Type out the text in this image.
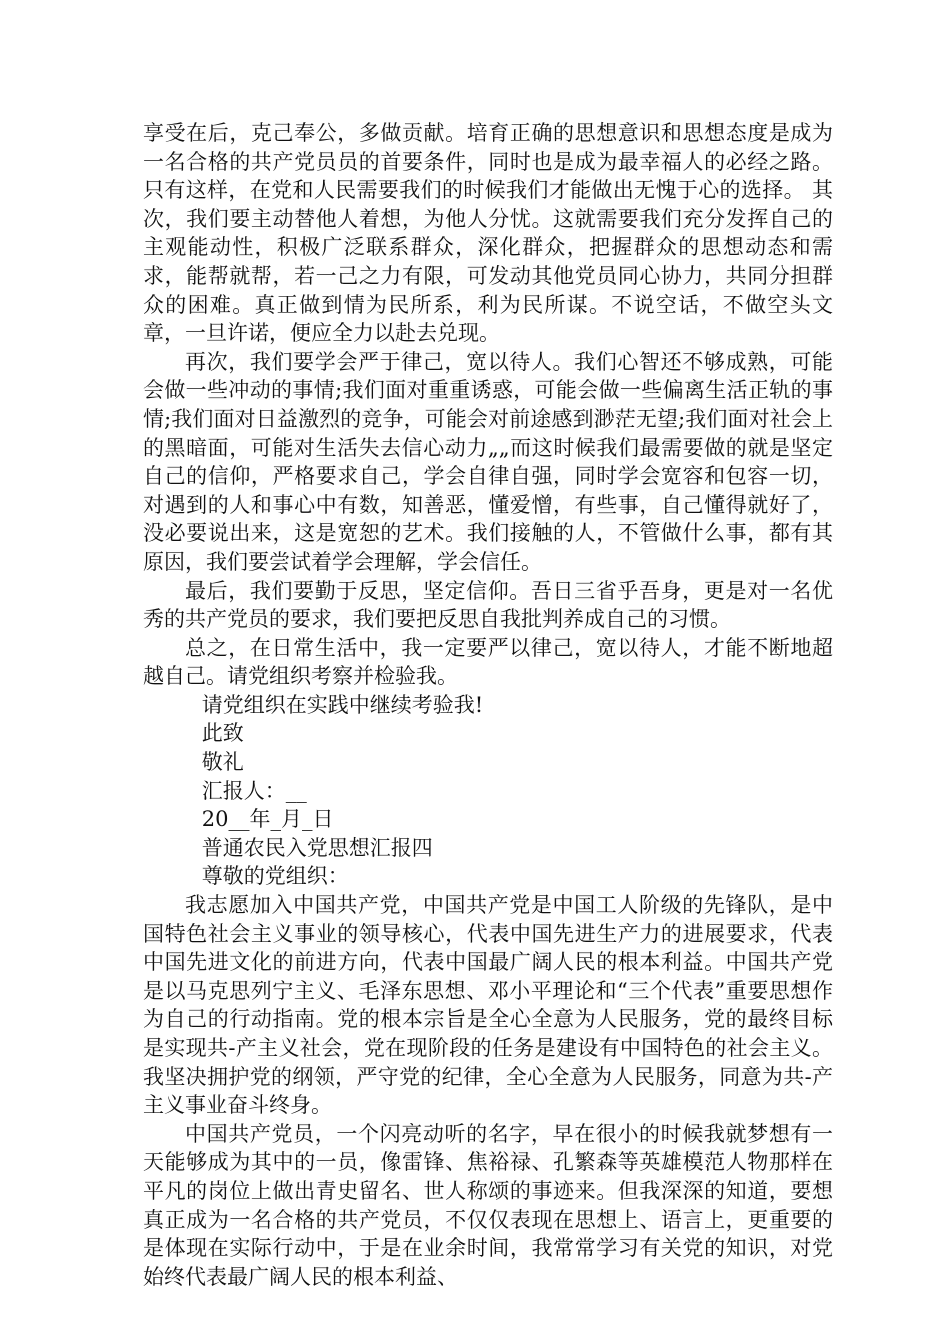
享受在后，克己奉公，多做贡献。培育正确的思想意识和思想态度是成为一名合格的共产党员员的首要条件，同时也是成为最幸福人的必经之路。只有这样，在党和人民需要我们的时候我们才能做出无愧于心的选择。 其次，我们要主动替他人着想，为他人分忧。这就需要我们充分发挥自己的主观能动性，积极广泛联系群众，深化群众，把握群众的思想动态和需求，能帮就帮，若一己之力有限，可发动其他党员同心协力，共同分担群众的困难。真正做到情为民所系，利为民所谋。不说空话，不做空头文章，一旦许诺，便应全力以赴去兑现。

再次，我们要学会严于律己，宽以待人。我们心智还不够成熟，可能会做一些冲动的事情;我们面对重重诱惑，可能会做一些偏离生活正轨的事情;我们面对日益激烈的竞争，可能会对前途感到渺茫无望;我们面对社会上的黑暗面，可能对生活失去信心动力„„而这时候我们最需要做的就是坚定自己的信仰，严格要求自己，学会自律自强，同时学会宽容和包容一切，对遇到的人和事心中有数，知善恶，懂爱憎，有些事，自己懂得就好了，没必要说出来，这是宽恕的艺术。我们接触的人，不管做什么事，都有其原因，我们要尝试着学会理解，学会信任。

最后，我们要勤于反思，坚定信仰。吾日三省乎吾身，更是对一名优秀的共产党员的要求，我们要把反思自我批判养成自己的习惯。

总之，在日常生活中，我一定要严以律己，宽以待人，才能不断地超越自己。请党组织考察并检验我。

请党组织在实践中继续考验我!

此致

敬礼

汇报人：__

20__年_月_日

普通农民入党思想汇报四

尊敬的党组织：

我志愿加入中国共产党，中国共产党是中国工人阶级的先锋队，是中国特色社会主义事业的领导核心，代表中国先进生产力的进展要求，代表中国先进文化的前进方向，代表中国最广阔人民的根本利益。中国共产党是以马克思列宁主义、毛泽东思想、邓小平理论和“三个代表”重要思想作为自己的行动指南。党的根本宗旨是全心全意为人民服务，党的最终目标是实现共-产主义社会，党在现阶段的任务是建设有中国特色的社会主义。我坚决拥护党的纲领，严守党的纪律，全心全意为人民服务，同意为共-产主义事业奋斗终身。

中国共产党员，一个闪亮动听的名字，早在很小的时候我就梦想有一天能够成为其中的一员，像雷锋、焦裕禄、孔繁森等英雄模范人物那样在平凡的岗位上做出青史留名、世人称颂的事迹来。但我深深的知道，要想真正成为一名合格的共产党员，不仅仅表现在思想上、语言上，更重要的是体现在实际行动中，于是在业余时间，我常常学习有关党的知识，对党始终代表最广阔人民的根本利益、
